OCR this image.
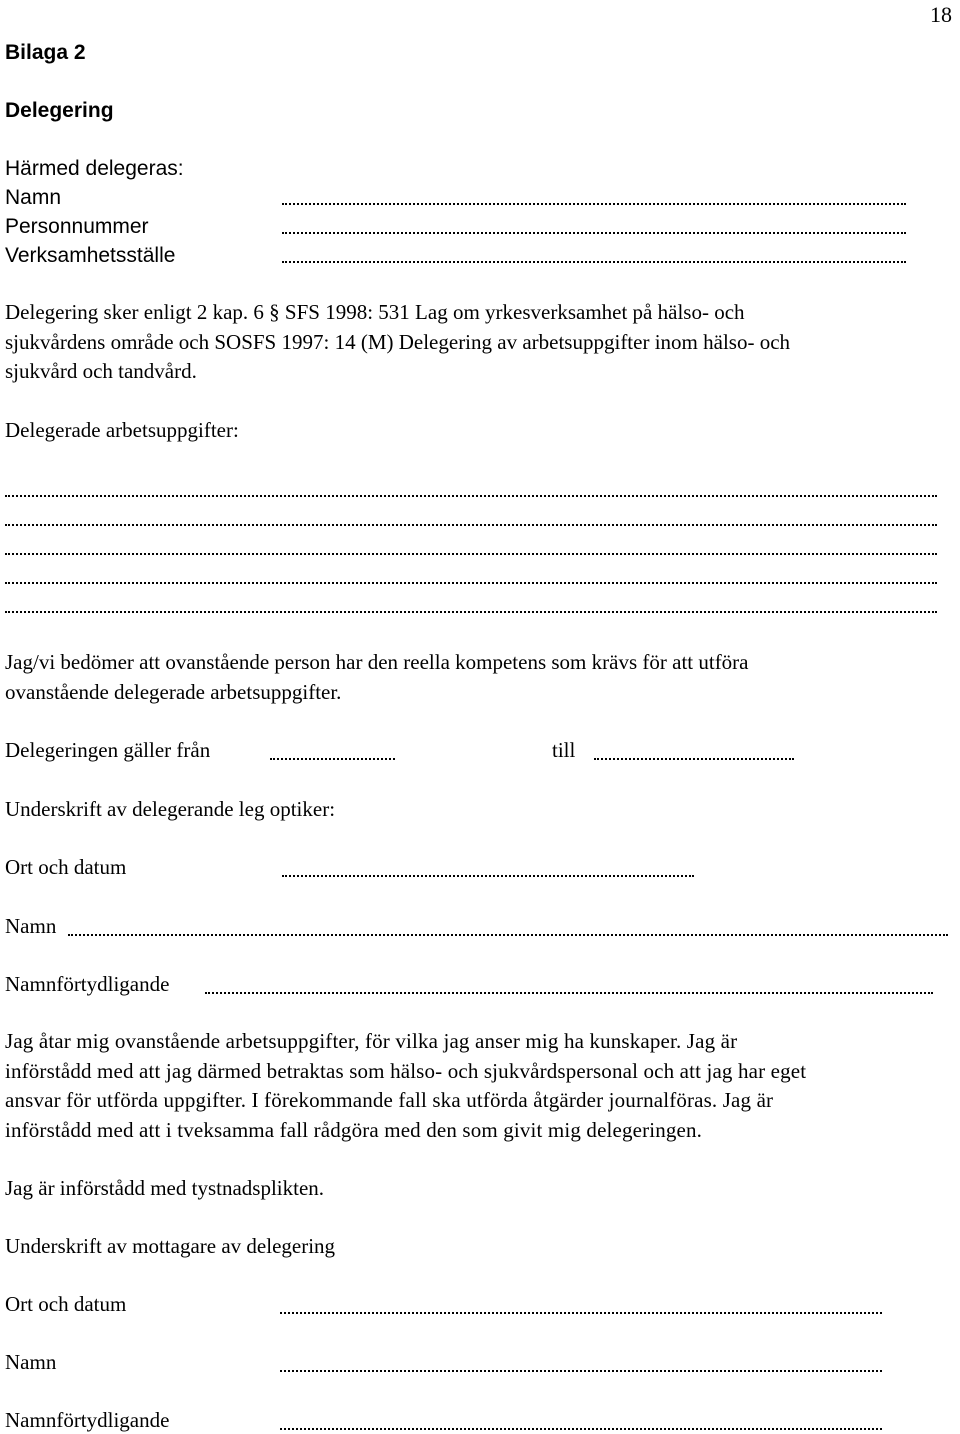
18
Bilaga 2
Delegering
Härmed delegeras:
Namn
Personnummer
Verksamhetsställe

Delegering sker enligt 2 kap. 6 § SFS 1998: 531 Lag om yrkesverksamhet på hälso- och

sjukvårdens område och SOSFS 1997: 14 (M) Delegering av arbetsuppgifter inom hälso- och

sjukvård och tandvård.

Delegerade arbetsuppgifter:

Jag/vi bedömer att ovanstående person har den reella kompetens som krävs för att utföra

ovanstående delegerade arbetsuppgifter.

Delegeringen gäller från	till
Underskrift av delegerande leg optiker:
Ort och datum
Namn
Namnförtydligande

Jag åtar mig ovanstående arbetsuppgifter, för vilka jag anser mig ha kunskaper. Jag är

införstådd med att jag därmed betraktas som hälso- och sjukvårdspersonal och att jag har eget

ansvar för utförda uppgifter. I förekommande fall ska utförda åtgärder journalföras. Jag är

införstådd med att i tveksamma fall rådgöra med den som givit mig delegeringen.

Jag är införstådd med tystnadsplikten.
Underskrift av mottagare av delegering
Ort och datum
Namn
Namnförtydligande
